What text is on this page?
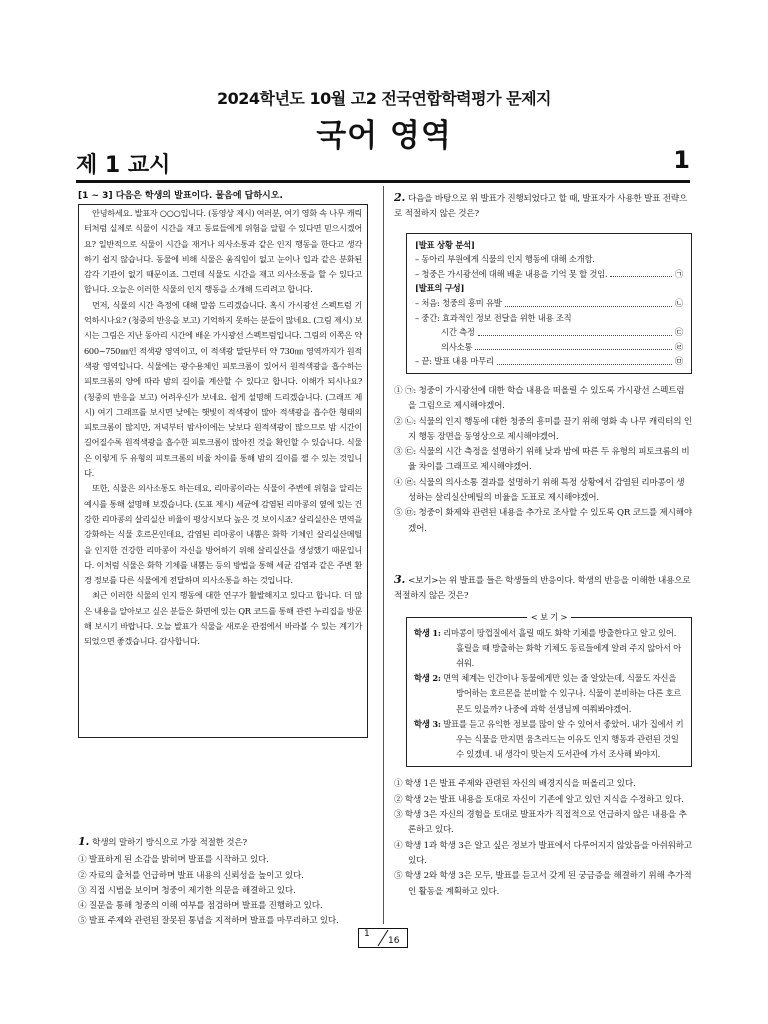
2024학년도 10월 고2 전국연합학력평가 문제지
국어 영역
제 1 교시	1
[1 ~ 3] 다음은 학생의 발표이다. 물음에 답하시오.

안녕하세요. 발표자 ○○○입니다. (동영상 제시) 여러분, 여기 영화 속 나무 캐릭터처럼 실제로 식물이 시간을 재고 동료들에게 위험을 알릴 수 있다면 믿으시겠어요? 일반적으로 식물이 시간을 재거나 의사소통과 같은 인지 행동을 한다고 생각하기 쉽지 않습니다. 동물에 비해 식물은 움직임이 없고 눈이나 입과 같은 분화된 감각 기관이 없기 때문이죠. 그런데 식물도 시간을 재고 의사소통을 할 수 있다고 합니다. 오늘은 이러한 식물의 인지 행동을 소개해 드리려고 합니다.

먼저, 식물의 시간 측정에 대해 말씀 드리겠습니다. 혹시 가시광선 스펙트럼 기억하시나요? (청중의 반응을 보고) 기억하지 못하는 분들이 많네요. (그림 제시) 보시는 그림은 지난 동아리 시간에 배운 가시광선 스펙트럼입니다. 그림의 이쪽은 약 600~750㎚인 적색광 영역이고, 이 적색광 말단부터 약 730㎚ 영역까지가 원적색광 영역입니다. 식물에는 광수용체인 피토크롬이 있어서 원적색광을 흡수하는 피토크롬의 양에 따라 밤의 길이를 계산할 수 있다고 합니다. 이해가 되시나요? (청중의 반응을 보고) 어려우신가 보네요. 쉽게 설명해 드리겠습니다. (그래프 제시) 여기 그래프를 보시면 낮에는 햇빛이 적색광이 많아 적색광을 흡수한 형태의 피토크롬이 많지만, 저녁부터 밤사이에는 낮보다 원적색광이 많으므로 밤 시간이 길어질수록 원적색광을 흡수한 피토크롬이 많아진 것을 확인할 수 있습니다. 식물은 이렇게 두 유형의 피토크롬의 비율 차이를 통해 밤의 길이를 잴 수 있는 것입니다.

또한, 식물은 의사소통도 하는데요, 리마콩이라는 식물이 주변에 위험을 알리는 예시를 통해 설명해 보겠습니다. (도표 제시) 세균에 감염된 리마콩의 옆에 있는 건강한 리마콩의 살리실산 비율이 평상시보다 높은 것 보이시죠? 살리실산은 면역을 강화하는 식물 호르몬인데요, 감염된 리마콩이 내뿜은 화학 기체인 살리실산메틸을 인지한 건강한 리마콩이 자신을 방어하기 위해 살리실산을 생성했기 때문입니다. 이처럼 식물은 화학 기체를 내뿜는 등의 방법을 통해 세균 감염과 같은 주변 환경 정보를 다른 식물에게 전달하며 의사소통을 하는 것입니다.

최근 이러한 식물의 인지 행동에 대한 연구가 활발해지고 있다고 합니다. 더 많은 내용을 알아보고 싶은 분들은 화면에 있는 QR 코드를 통해 관련 누리집을 방문해 보시기 바랍니다. 오늘 발표가 식물을 새로운 관점에서 바라볼 수 있는 계기가 되었으면 좋겠습니다. 감사합니다.

1. 학생의 말하기 방식으로 가장 적절한 것은?

① 발표하게 된 소감을 밝히며 발표를 시작하고 있다.
② 자료의 출처를 언급하며 발표 내용의 신뢰성을 높이고 있다.
③ 직접 시범을 보이며 청중이 제기한 의문을 해결하고 있다.
④ 질문을 통해 청중의 이해 여부를 점검하며 발표를 진행하고 있다.
⑤ 발표 주제와 관련된 잘못된 통념을 지적하며 발표를 마무리하고 있다.

2. 다음을 바탕으로 위 발표가 진행되었다고 할 때, 발표자가 사용한 발표 전략으로 적절하지 않은 것은?

[발표 상황 분석]
– 동아리 부원에게 식물의 인지 행동에 대해 소개함.
– 청중은 가시광선에 대해 배운 내용을 기억 못 할 것임.	㉠
[발표의 구성]
– 처음: 청중의 흥미 유발	㉡
– 중간: 효과적인 정보 전달을 위한 내용 조직
시간 측정	㉢
의사소통	㉣
– 끝: 발표 내용 마무리	㉤
① ㉠: 청중이 가시광선에 대한 학습 내용을 떠올릴 수 있도록 가시광선 스펙트럼을 그림으로 제시해야겠어.
② ㉡: 식물의 인지 행동에 대한 청중의 흥미를 끌기 위해 영화 속 나무 캐릭터의 인지 행동 장면을 동영상으로 제시해야겠어.
③ ㉢: 식물의 시간 측정을 설명하기 위해 낮과 밤에 따른 두 유형의 피토크롬의 비율 차이를 그래프로 제시해야겠어.
④ ㉣: 식물의 의사소통 결과를 설명하기 위해 특정 상황에서 감염된 리마콩이 생성하는 살리실산메틸의 비율을 도표로 제시해야겠어.
⑤ ㉤: 청중이 화제와 관련된 내용을 추가로 조사할 수 있도록 QR 코드를 제시해야겠어.

3. <보기>는 위 발표를 들은 학생들의 반응이다. 학생의 반응을 이해한 내용으로 적절하지 않은 것은?

< 보 기 >

학생 1: 리마콩이 땅껍질에서 흘릴 때도 화학 기체를 방출한다고 알고 있어. 흘릴을 때 방출하는 화학 기체도 동료들에게 알려 주지 않아서 아쉬워.

학생 2: 면역 체계는 인간이나 동물에게만 있는 줄 알았는데, 식물도 자신을 방어하는 호르몬을 분비할 수 있구나. 식물이 분비하는 다른 호르몬도 있을까? 나중에 과학 선생님께 여쭤봐야겠어.

학생 3: 발표를 듣고 유익한 정보를 많이 알 수 있어서 좋았어. 내가 집에서 키우는 식물을 만지면 움츠러드는 이유도 인지 행동과 관련된 것일 수 있겠네. 내 생각이 맞는지 도서관에 가서 조사해 봐야지.

① 학생 1은 발표 주제와 관련된 자신의 배경지식을 떠올리고 있다.
② 학생 2는 발표 내용을 토대로 자신이 기존에 알고 있던 지식을 수정하고 있다.
③ 학생 3은 자신의 경험을 토대로 발표자가 직접적으로 언급하지 않은 내용을 추론하고 있다.
④ 학생 1과 학생 3은 알고 싶은 정보가 발표에서 다루어지지 않았음을 아쉬워하고 있다.
⑤ 학생 2와 학생 3은 모두, 발표를 듣고서 갖게 된 궁금증을 해결하기 위해 추가적인 활동을 계획하고 있다.
1
16
